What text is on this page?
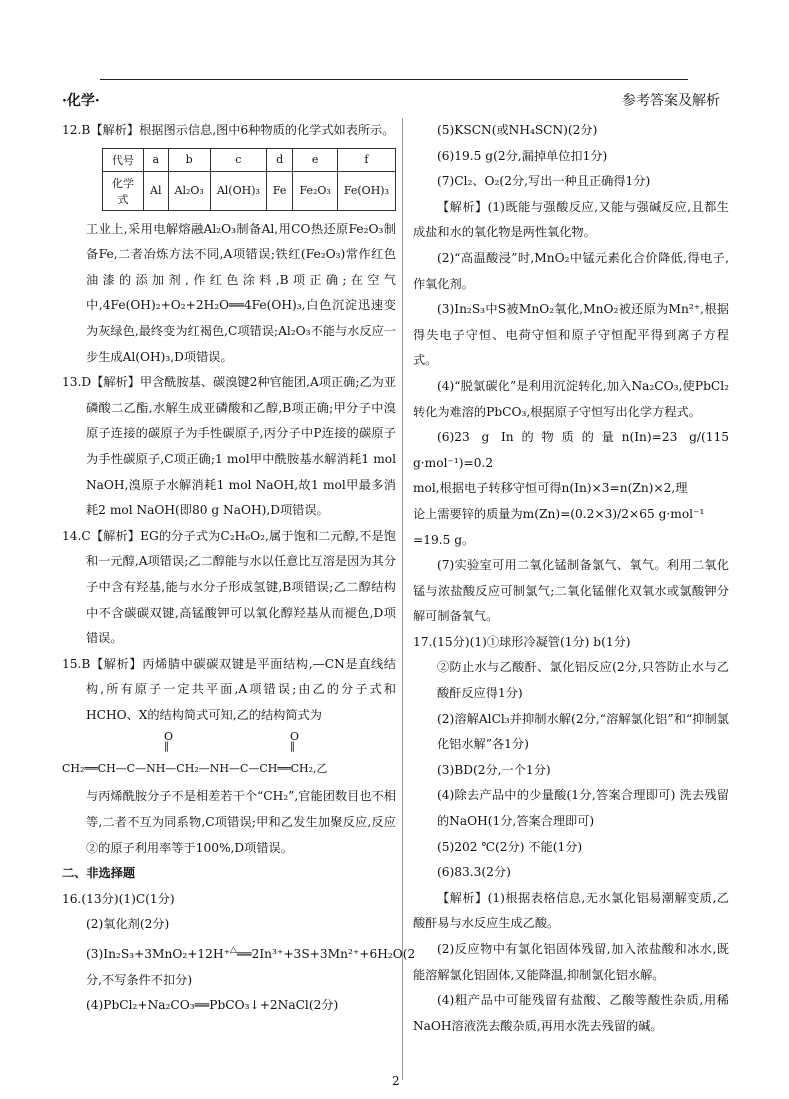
·化学·	参考答案及解析

12.B【解析】根据图示信息,图中6种物质的化学式如表所示。

代号	a	b	c	d	e	f
化学式	Al	Al₂O₃	Al(OH)₃	Fe	Fe₂O₃	Fe(OH)₃

工业上,采用电解熔融Al₂O₃制备Al,用CO热还原Fe₂O₃制备Fe,二者冶炼方法不同,A项错误;铁红(Fe₂O₃)常作红色油漆的添加剂,作红色涂料,B项正确;在空气中,4Fe(OH)₂+O₂+2H₂O══4Fe(OH)₃,白色沉淀迅速变为灰绿色,最终变为红褐色,C项错误;Al₂O₃不能与水反应一步生成Al(OH)₃,D项错误。

13.D【解析】甲含酰胺基、碳溴键2种官能团,A项正确;乙为亚磷酸二乙酯,水解生成亚磷酸和乙醇,B项正确;甲分子中溴原子连接的碳原子为手性碳原子,丙分子中P连接的碳原子为手性碳原子,C项正确;1 mol甲中酰胺基水解消耗1 mol NaOH,溴原子水解消耗1 mol NaOH,故1 mol甲最多消耗2 mol NaOH(即80 g NaOH),D项错误。

14.C【解析】EG的分子式为C₂H₆O₂,属于饱和二元醇,不是饱和一元醇,A项错误;乙二醇能与水以任意比互溶是因为其分子中含有羟基,能与水分子形成氢键,B项错误;乙二醇结构中不含碳碳双键,高锰酸钾可以氧化醇羟基从而褪色,D项错误。

15.B【解析】丙烯腈中碳碳双键是平面结构,—CN是直线结构,所有原子一定共平面,A项错误;由乙的分子式和HCHO、X的结构简式可知,乙的结构简式为

O
‖
O
‖
CH₂══CH—C—NH—CH₂—NH—C—CH══CH₂,乙

与丙烯酰胺分子不是相差若干个“CH₂”,官能团数目也不相等,二者不互为同系物,C项错误;甲和乙发生加聚反应,反应②的原子利用率等于100%,D项错误。

二、非选择题

16.(13分)(1)C(1分)

(2)氧化剂(2分)

(3)In₂S₃+3MnO₂+12H⁺△══2In³⁺+3S+3Mn²⁺+6H₂O(2分,不写条件不扣分)

(4)PbCl₂+Na₂CO₃══PbCO₃↓+2NaCl(2分)

(5)KSCN(或NH₄SCN)(2分)

(6)19.5 g(2分,漏掉单位扣1分)

(7)Cl₂、O₂(2分,写出一种且正确得1分)

【解析】(1)既能与强酸反应,又能与强碱反应,且都生成盐和水的氧化物是两性氧化物。

(2)“高温酸浸”时,MnO₂中锰元素化合价降低,得电子,作氧化剂。

(3)In₂S₃中S被MnO₂氧化,MnO₂被还原为Mn²⁺,根据得失电子守恒、电荷守恒和原子守恒配平得到离子方程式。

(4)“脱氯碳化”是利用沉淀转化,加入Na₂CO₃,使PbCl₂转化为难溶的PbCO₃,根据原子守恒写出化学方程式。

(6)23 g In的物质的量n(In)=23 g/(115 g·mol⁻¹)=0.2

mol,根据电子转移守恒可得n(In)×3=n(Zn)×2,理

论上需要锌的质量为m(Zn)=(0.2×3)/2×65 g·mol⁻¹

=19.5 g。

(7)实验室可用二氧化锰制备氯气、氧气。利用二氧化锰与浓盐酸反应可制氯气;二氧化锰催化双氧水或氯酸钾分解可制备氧气。

17.(15分)(1)①球形冷凝管(1分) b(1分)

②防止水与乙酸酐、氯化铝反应(2分,只答防止水与乙酸酐反应得1分)

(2)溶解AlCl₃并抑制水解(2分,“溶解氯化铝”和“抑制氯化铝水解”各1分)

(3)BD(2分,一个1分)

(4)除去产品中的少量酸(1分,答案合理即可) 洗去残留的NaOH(1分,答案合理即可)

(5)202 ℃(2分) 不能(1分)

(6)83.3(2分)

【解析】(1)根据表格信息,无水氯化铝易潮解变质,乙酸酐易与水反应生成乙酸。

(2)反应物中有氯化铝固体残留,加入浓盐酸和冰水,既能溶解氯化铝固体,又能降温,抑制氯化铝水解。

(4)粗产品中可能残留有盐酸、乙酸等酸性杂质,用稀NaOH溶液洗去酸杂质,再用水洗去残留的碱。

2
